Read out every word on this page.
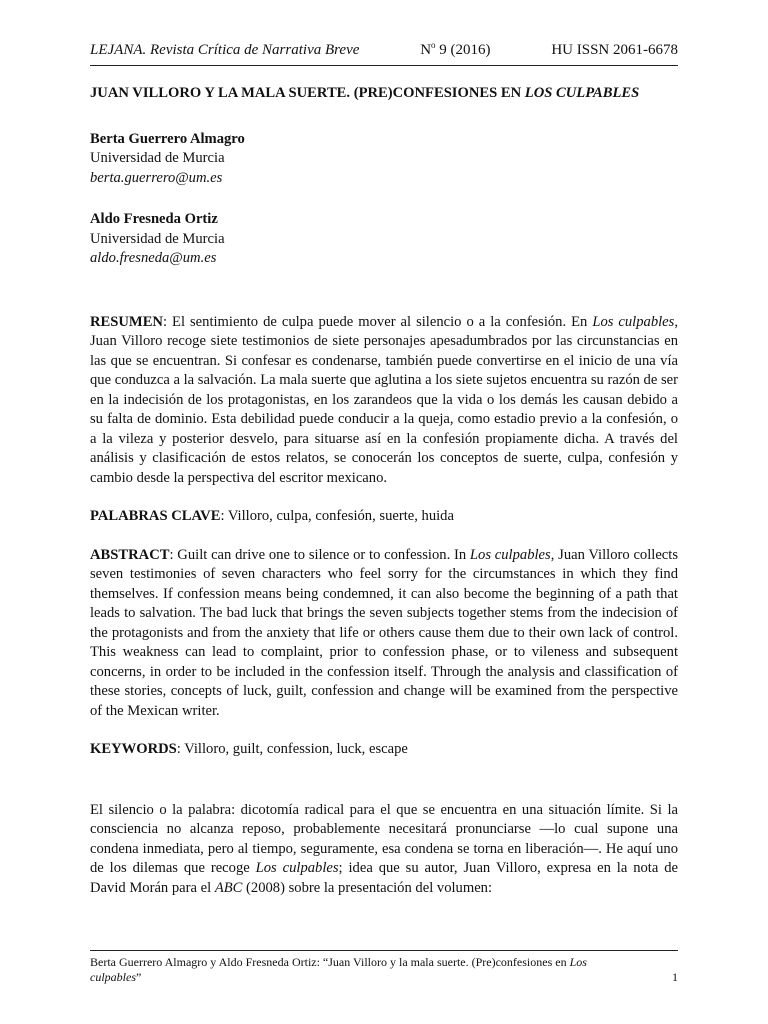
LEJANA. Revista Crítica de Narrativa Breve	$N^o$ 9 (2016)	HU ISSN 2061-6678
JUAN VILLORO Y LA MALA SUERTE. (PRE)CONFESIONES EN LOS CULPABLES
Berta Guerrero Almagro
Universidad de Murcia
berta.guerrero@um.es
Aldo Fresneda Ortiz
Universidad de Murcia
aldo.fresneda@um.es

RESUMEN: El sentimiento de culpa puede mover al silencio o a la confesión. En Los culpables, Juan Villoro recoge siete testimonios de siete personajes apesadumbrados por las circunstancias en las que se encuentran. Si confesar es condenarse, también puede convertirse en el inicio de una vía que conduzca a la salvación. La mala suerte que aglutina a los siete sujetos encuentra su razón de ser en la indecisión de los protagonistas, en los zarandeos que la vida o los demás les causan debido a su falta de dominio. Esta debilidad puede conducir a la queja, como estadio previo a la confesión, o a la vileza y posterior desvelo, para situarse así en la confesión propiamente dicha. A través del análisis y clasificación de estos relatos, se conocerán los conceptos de suerte, culpa, confesión y cambio desde la perspectiva del escritor mexicano.

PALABRAS CLAVE: Villoro, culpa, confesión, suerte, huida

ABSTRACT: Guilt can drive one to silence or to confession. In Los culpables, Juan Villoro collects seven testimonies of seven characters who feel sorry for the circumstances in which they find themselves. If confession means being condemned, it can also become the beginning of a path that leads to salvation. The bad luck that brings the seven subjects together stems from the indecision of the protagonists and from the anxiety that life or others cause them due to their own lack of control. This weakness can lead to complaint, prior to confession phase, or to vileness and subsequent concerns, in order to be included in the confession itself. Through the analysis and classification of these stories, concepts of luck, guilt, confession and change will be examined from the perspective of the Mexican writer.

KEYWORDS: Villoro, guilt, confession, luck, escape

El silencio o la palabra: dicotomía radical para el que se encuentra en una situación límite. Si la consciencia no alcanza reposo, probablemente necesitará pronunciarse —lo cual supone una condena inmediata, pero al tiempo, seguramente, esa condena se torna en liberación—. He aquí uno de los dilemas que recoge Los culpables; idea que su autor, Juan Villoro, expresa en la nota de David Morán para el ABC (2008) sobre la presentación del volumen:

Berta Guerrero Almagro y Aldo Fresneda Ortiz: “Juan Villoro y la mala suerte. (Pre)confesiones en Los
culpables”	1
